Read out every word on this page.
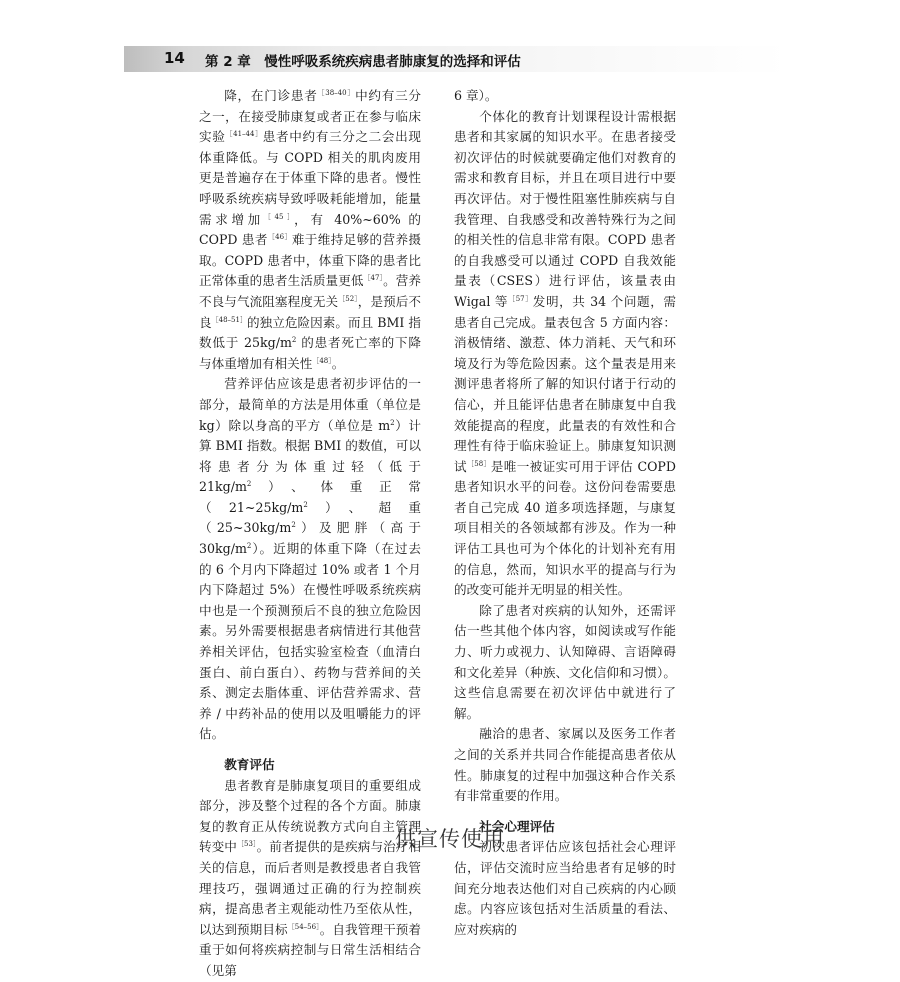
14 第 2 章　慢性呼吸系统疾病患者肺康复的选择和评估

降，在门诊患者$^{[38-40]}$中约有三分之一，在接受肺康复或者正在参与临床实验$^{[41-44]}$患者中约有三分之二会出现体重降低。与 COPD 相关的肌肉废用更是普遍存在于体重下降的患者。慢性呼吸系统疾病导致呼吸耗能增加，能量需求增加$^{[45]}$，有 40%~60% 的 COPD 患者$^{[46]}$难于维持足够的营养摄取。COPD 患者中，体重下降的患者比正常体重的患者生活质量更低$^{[47]}$。营养不良与气流阻塞程度无关$^{[52]}$，是预后不良$^{[48-51]}$的独立危险因素。而且 BMI 指数低于 $25kg/m^2$ 的患者死亡率的下降与体重增加有相关性$^{[48]}$。

营养评估应该是患者初步评估的一部分，最简单的方法是用体重（单位是 kg）除以身高的平方（单位是 $m^2$）计算 BMI 指数。根据 BMI 的数值，可以将患者分为体重过轻（低于 $21kg/m^2$）、体重正常$(21\sim 25kg/m^2)$、超重$(25\sim 30kg/m^2)$及肥胖（高于 $30kg/m^2$）。近期的体重下降（在过去的 6 个月内下降超过 10% 或者 1 个月内下降超过 5%）在慢性呼吸系统疾病中也是一个预测预后不良的独立危险因素。另外需要根据患者病情进行其他营养相关评估，包括实验室检查（血清白蛋白、前白蛋白）、药物与营养间的关系、测定去脂体重、评估营养需求、营养 / 中药补品的使用以及咀嚼能力的评估。

教育评估

患者教育是肺康复项目的重要组成部分，涉及整个过程的各个方面。肺康复的教育正从传统说教方式向自主管理转变中$^{[53]}$。前者提供的是疾病与治疗相关的信息，而后者则是教授患者自我管理技巧，强调通过正确的行为控制疾病，提高患者主观能动性乃至依从性，以达到预期目标$^{[54-56]}$。自我管理干预着重于如何将疾病控制与日常生活相结合（见第

6 章）。

个体化的教育计划课程设计需根据患者和其家属的知识水平。在患者接受初次评估的时候就要确定他们对教育的需求和教育目标，并且在项目进行中要再次评估。对于慢性阻塞性肺疾病与自我管理、自我感受和改善特殊行为之间的相关性的信息非常有限。COPD 患者的自我感受可以通过 COPD 自我效能量表（CSES）进行评估，该量表由 Wigal 等$^{[57]}$发明，共 34 个问题，需患者自己完成。量表包含 5 方面内容：消极情绪、激惹、体力消耗、天气和环境及行为等危险因素。这个量表是用来测评患者将所了解的知识付诸于行动的信心，并且能评估患者在肺康复中自我效能提高的程度，此量表的有效性和合理性有待于临床验证上。肺康复知识测试$^{[58]}$是唯一被证实可用于评估 COPD 患者知识水平的问卷。这份问卷需要患者自己完成 40 道多项选择题，与康复项目相关的各领域都有涉及。作为一种评估工具也可为个体化的计划补充有用的信息，然而，知识水平的提高与行为的改变可能并无明显的相关性。

除了患者对疾病的认知外，还需评估一些其他个体内容，如阅读或写作能力、听力或视力、认知障碍、言语障碍和文化差异（种族、文化信仰和习惯）。这些信息需要在初次评估中就进行了解。

融洽的患者、家属以及医务工作者之间的关系并共同合作能提高患者依从性。肺康复的过程中加强这种合作关系有非常重要的作用。

社会心理评估

初次患者评估应该包括社会心理评估，评估交流时应当给患者有足够的时间充分地表达他们对自己疾病的内心顾虑。内容应该包括对生活质量的看法、应对疾病的

供宣传使用
